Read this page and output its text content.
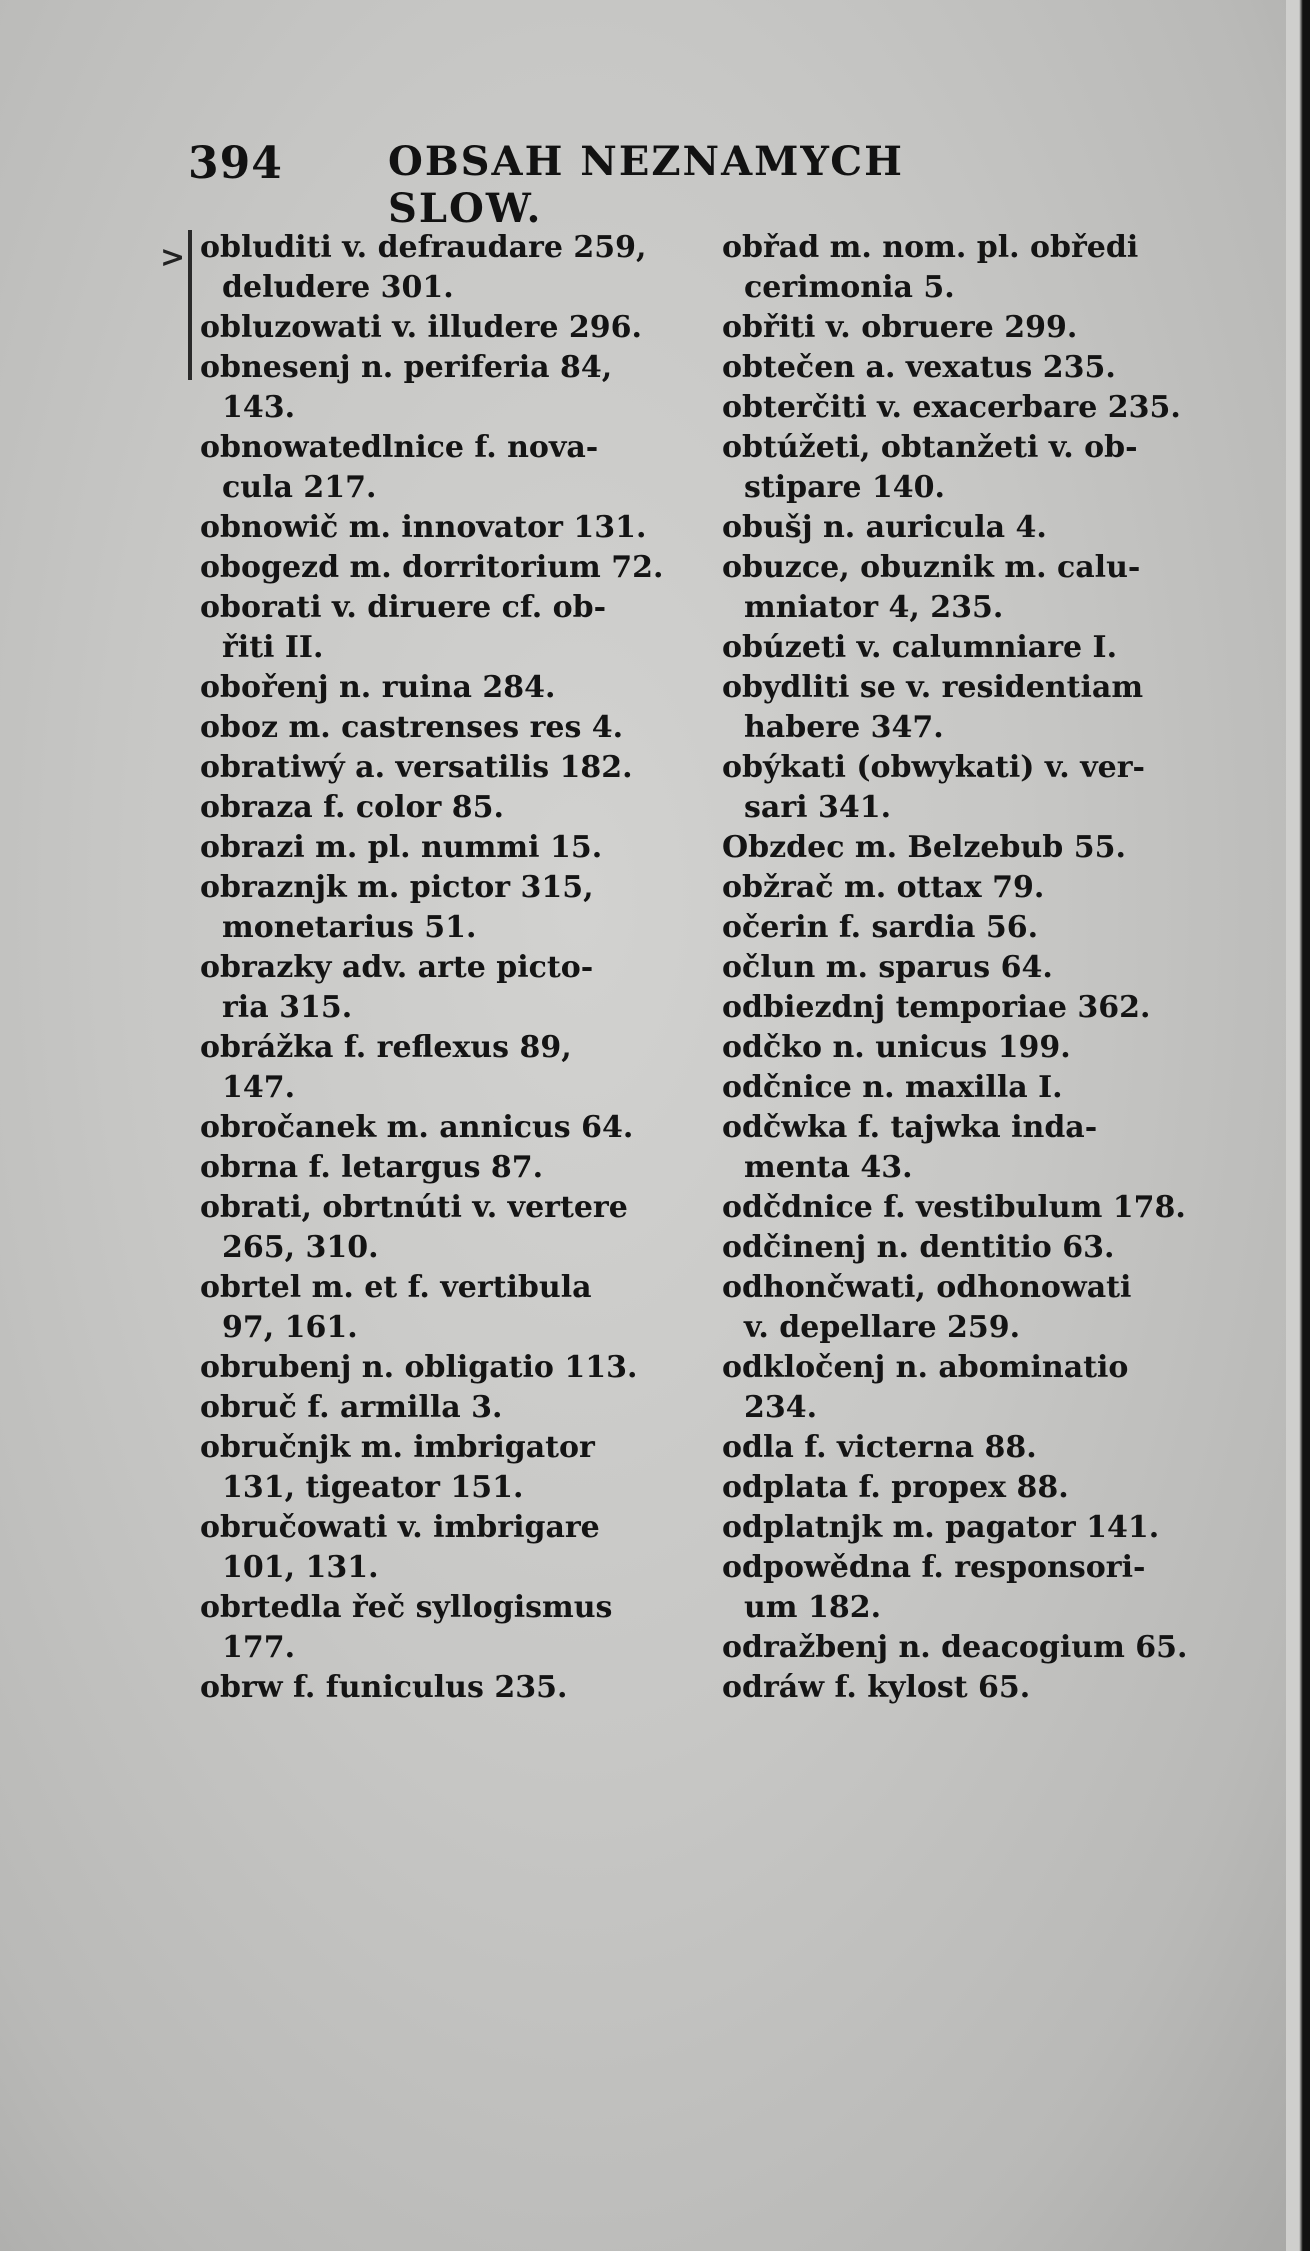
394	OBSAH NEZNAMYCH SLOW.
> obluditi v. defraudare 259,
deludere 301.
obluzowati v. illudere 296.
obnesenj n. periferia 84,
143.
obnowatedlnice f. nova-
cula 217.
obnowič m. innovator 131.
obogezd m. dorritorium 72.
oborati v. diruere cf. ob-
řiti II.
obořenj n. ruina 284.
oboz m. castrenses res 4.
obratiwý a. versatilis 182.
obraza f. color 85.
obrazi m. pl. nummi 15.
obraznjk m. pictor 315,
monetarius 51.
obrazky adv. arte picto-
ria 315.
obrážka f. reflexus 89,
147.
obročanek m. annicus 64.
obrna f. letargus 87.
obrati, obrtnúti v. vertere
265, 310.
obrtel m. et f. vertibula
97, 161.
obrubenj n. obligatio 113.
obruč f. armilla 3.
obručnjk m. imbrigator
131, tigeator 151.
obručowati v. imbrigare
101, 131.
obrtedla řeč syllogismus
177.
obrw f. funiculus 235.
obřad m. nom. pl. obředi
cerimonia 5.
obřiti v. obruere 299.
obtečen a. vexatus 235.
obterčiti v. exacerbare 235.
obtúžeti, obtanžeti v. ob-
stipare 140.
obušj n. auricula 4.
obuzce, obuznik m. calu-
mniator 4, 235.
obúzeti v. calumniare I.
obydliti se v. residentiam
habere 347.
obýkati (obwykati) v. ver-
sari 341.
Obzdec m. Belzebub 55.
obžrač m. ottax 79.
očerin f. sardia 56.
očlun m. sparus 64.
odbiezdnj temporiae 362.
odčko n. unicus 199.
odčnice n. maxilla I.
odčwka f. tajwka inda-
menta 43.
odčdnice f. vestibulum 178.
odčinenj n. dentitio 63.
odhončwati, odhonowati
v. depellare 259.
odkločenj n. abominatio
234.
odla f. victerna 88.
odplata f. propex 88.
odplatnjk m. pagator 141.
odpowědna f. responsori-
um 182.
odražbenj n. deacogium 65.
odráw f. kylost 65.
